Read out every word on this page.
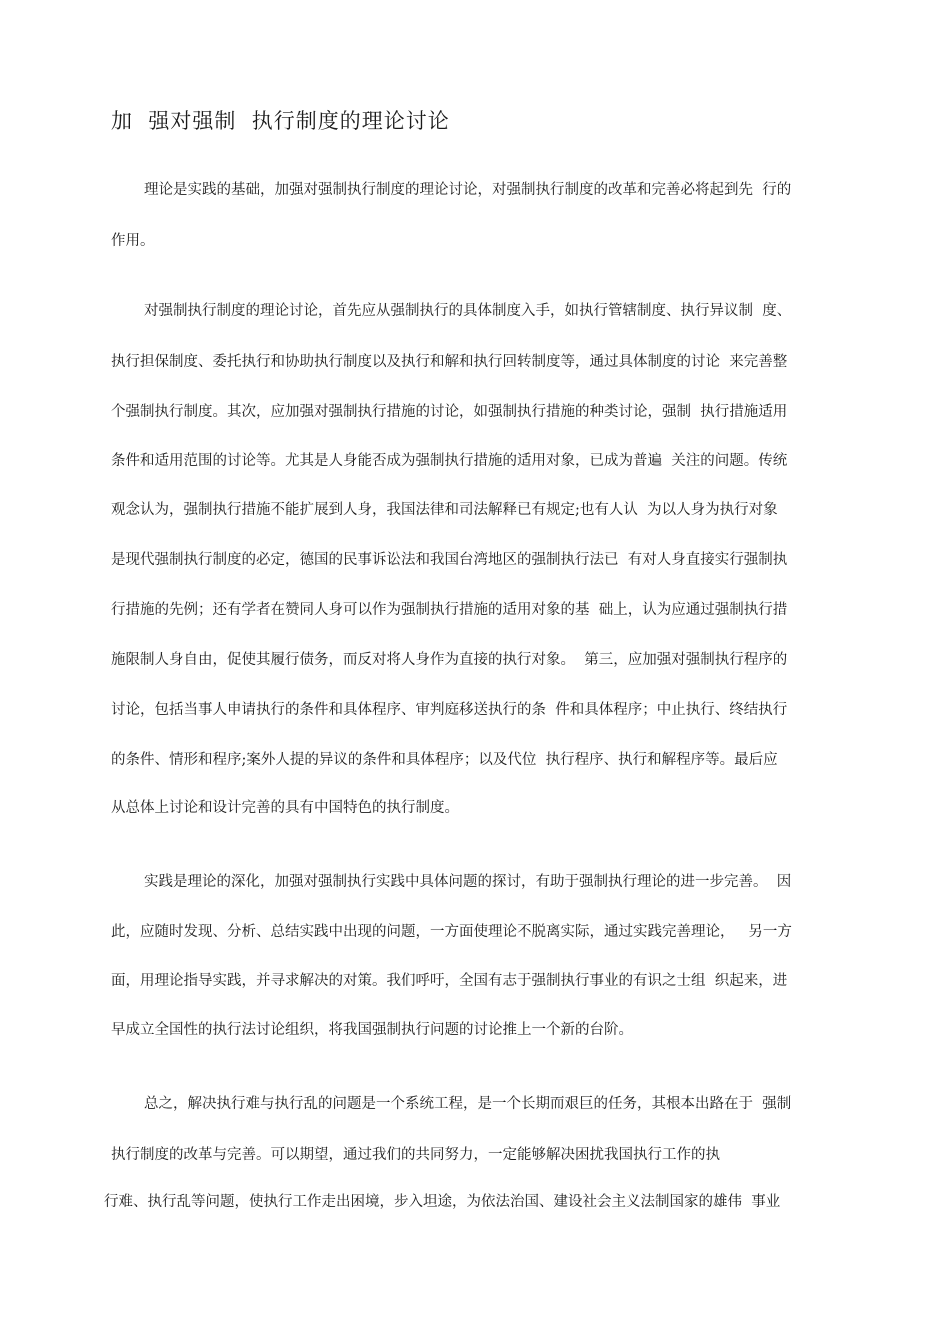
加  强对强制  执行制度的理论讨论
理论是实践的基础，加强对强制执行制度的理论讨论，对强制执行制度的改革和完善必将起到先  行的
作用。
对强制执行制度的理论讨论，首先应从强制执行的具体制度入手，如执行管辖制度、执行异议制  度、
执行担保制度、委托执行和协助执行制度以及执行和解和执行回转制度等，通过具体制度的讨论  来完善整
个强制执行制度。其次，应加强对强制执行措施的讨论，如强制执行措施的种类讨论，强制  执行措施适用
条件和适用范围的讨论等。尤其是人身能否成为强制执行措施的适用对象，已成为普遍  关注的问题。传统
观念认为，强制执行措施不能扩展到人身，我国法律和司法解释已有规定;也有人认  为以人身为执行对象
是现代强制执行制度的必定，德国的民事诉讼法和我国台湾地区的强制执行法已  有对人身直接实行强制执
行措施的先例；还有学者在赞同人身可以作为强制执行措施的适用对象的基  础上，认为应通过强制执行措
施限制人身自由，促使其履行债务，而反对将人身作为直接的执行对象。  第三，应加强对强制执行程序的
讨论，包括当事人申请执行的条件和具体程序、审判庭移送执行的条  件和具体程序；中止执行、终结执行
的条件、情形和程序;案外人提的异议的条件和具体程序；以及代位  执行程序、执行和解程序等。最后应
从总体上讨论和设计完善的具有中国特色的执行制度。
实践是理论的深化，加强对强制执行实践中具体问题的探讨，有助于强制执行理论的进一步完善。  因
此，应随时发现、分析、总结实践中出现的问题，一方面使理论不脱离实际，通过实践完善理论，   另一方
面，用理论指导实践，并寻求解决的对策。我们呼吁，全国有志于强制执行事业的有识之士组  织起来，进
早成立全国性的执行法讨论组织，将我国强制执行问题的讨论推上一个新的台阶。
总之，解决执行难与执行乱的问题是一个系统工程，是一个长期而艰巨的任务，其根本出路在于  强制
执行制度的改革与完善。可以期望，通过我们的共同努力，一定能够解决困扰我国执行工作的执
行难、执行乱等问题，使执行工作走出困境，步入坦途，为依法治国、建设社会主义法制国家的雄伟  事业
